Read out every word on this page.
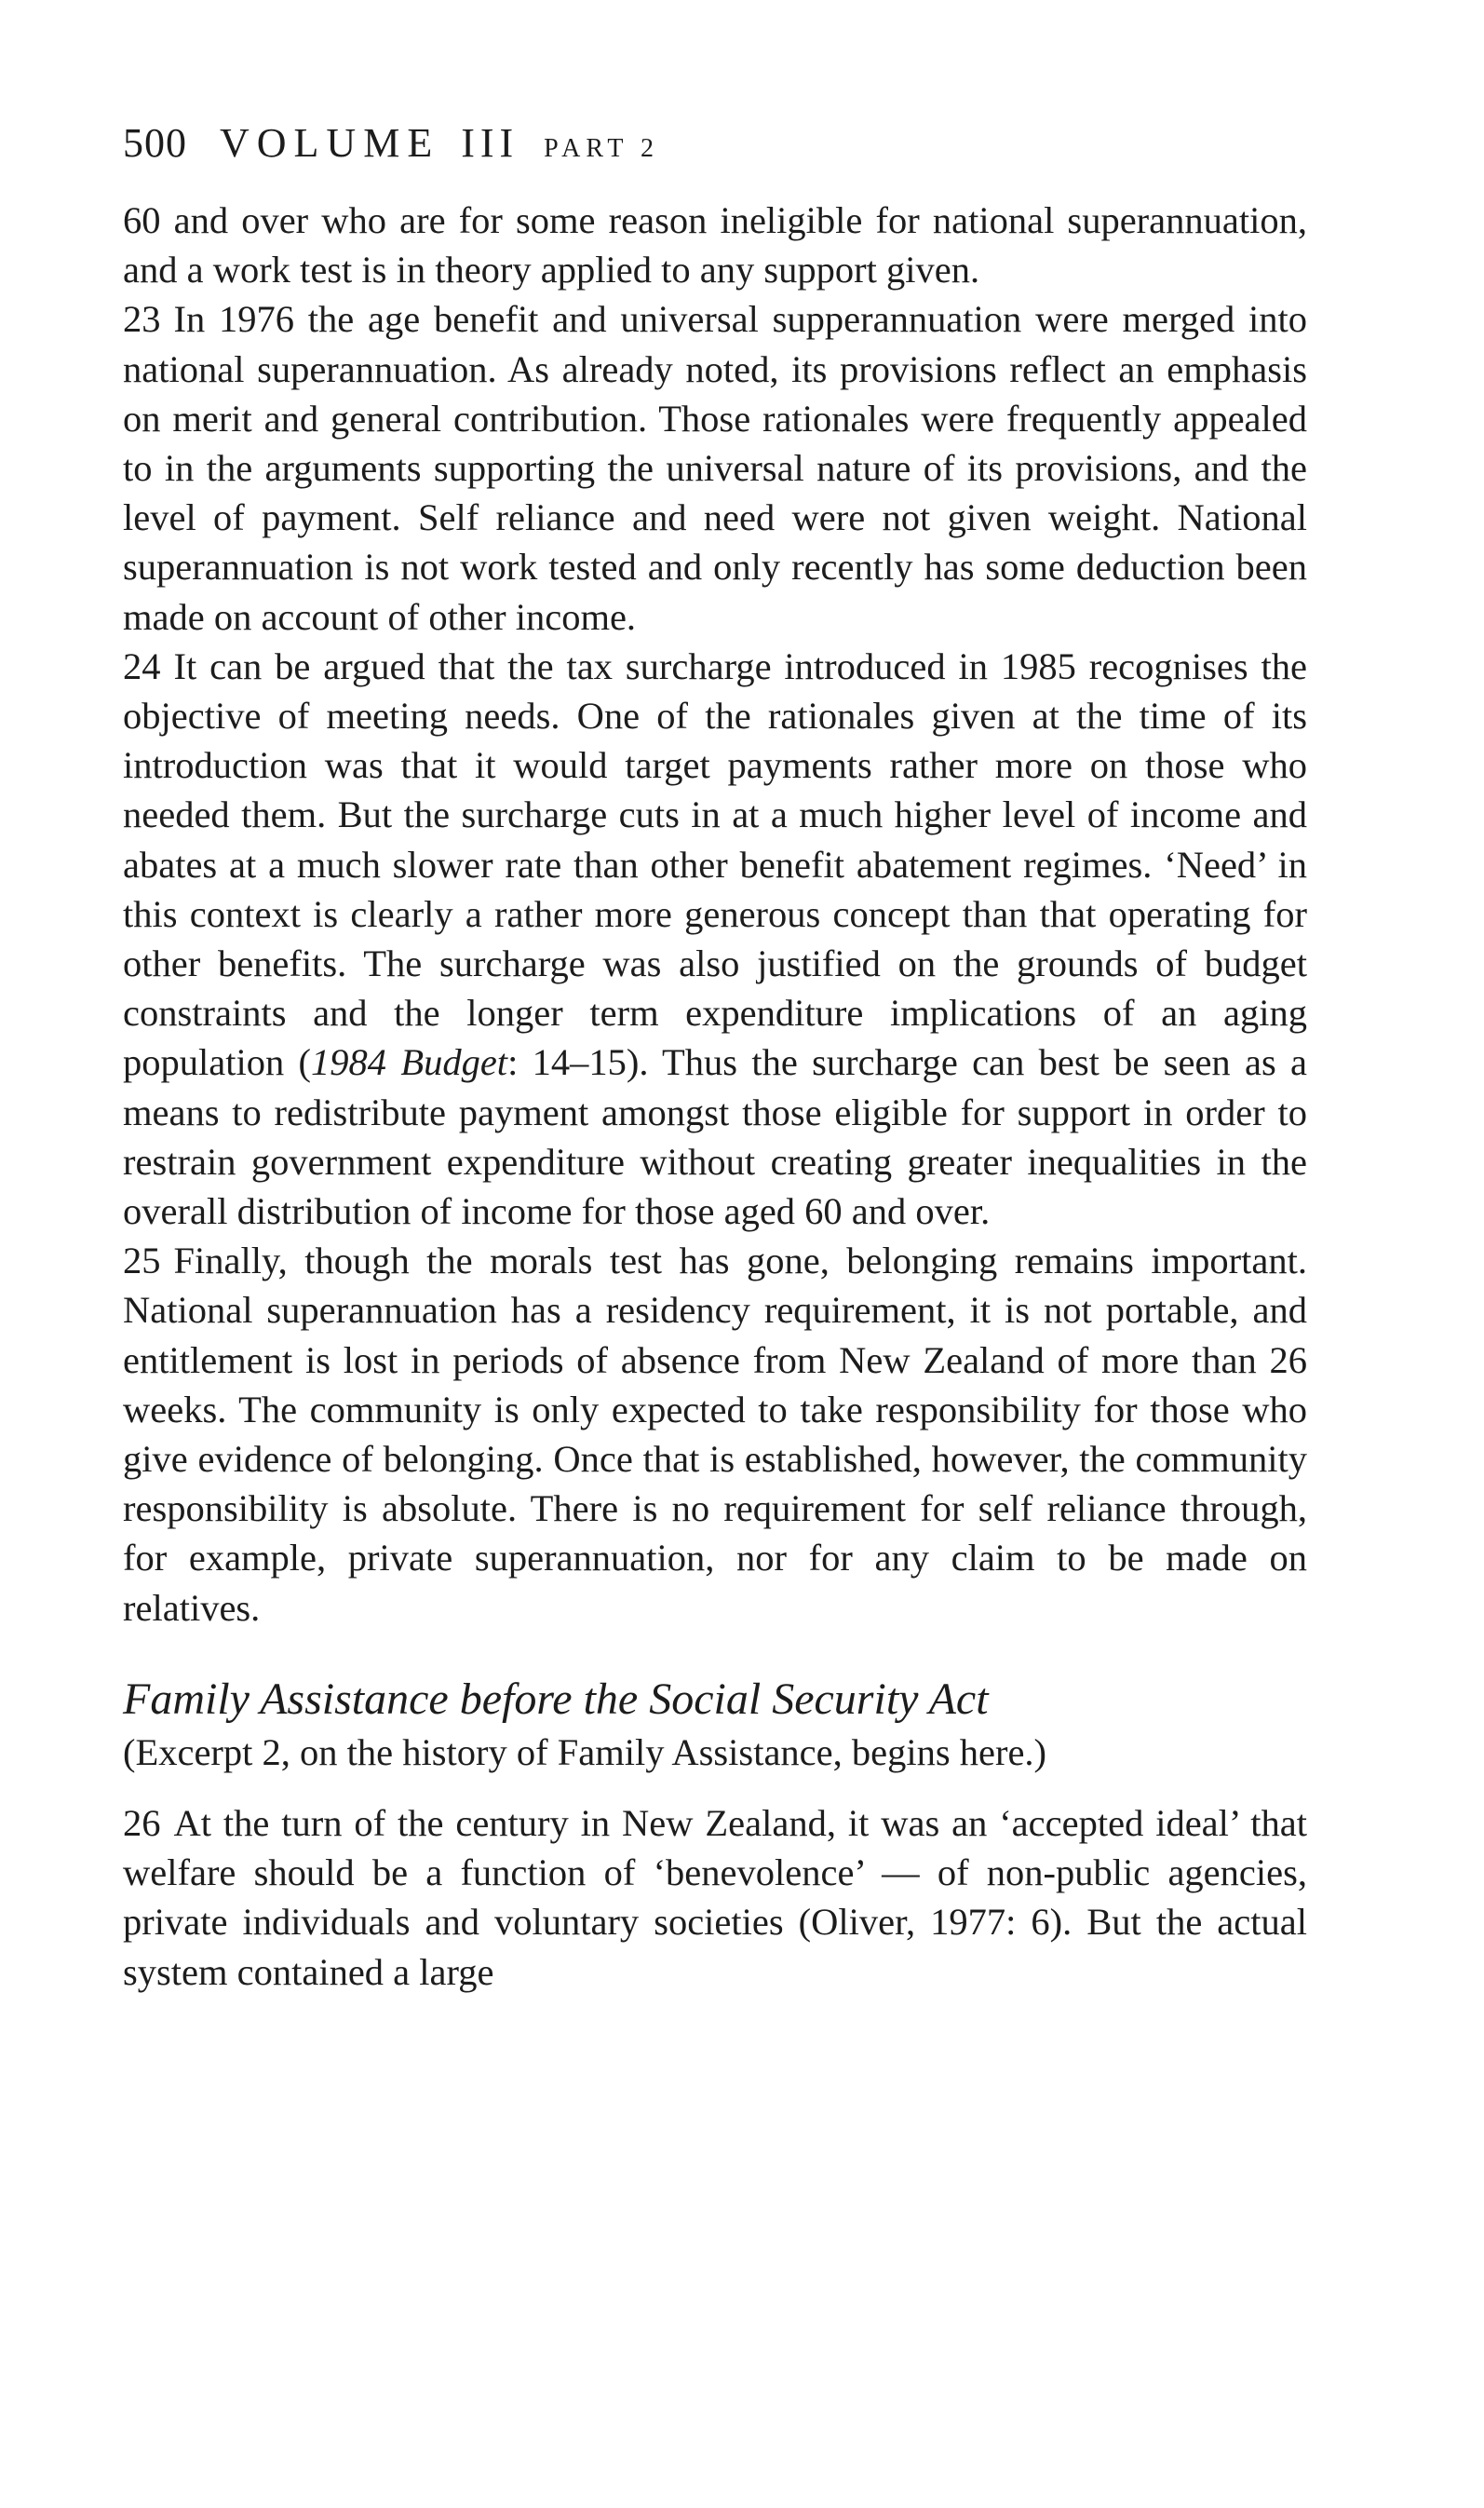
500 VOLUME III PART 2

60 and over who are for some reason ineligible for national superannuation, and a work test is in theory applied to any support given.

23 In 1976 the age benefit and universal supperannuation were merged into national superannuation. As already noted, its provisions reflect an emphasis on merit and general contribution. Those rationales were frequently appealed to in the arguments supporting the universal nature of its provisions, and the level of payment. Self reliance and need were not given weight. National superannuation is not work tested and only recently has some deduction been made on account of other income.

24 It can be argued that the tax surcharge introduced in 1985 recognises the objective of meeting needs. One of the rationales given at the time of its introduction was that it would target payments rather more on those who needed them. But the surcharge cuts in at a much higher level of income and abates at a much slower rate than other benefit abatement regimes. ‘Need’ in this context is clearly a rather more generous concept than that operating for other benefits. The surcharge was also justified on the grounds of budget constraints and the longer term expenditure implications of an aging population (1984 Budget: 14–15). Thus the surcharge can best be seen as a means to redistribute payment amongst those eligible for support in order to restrain government expenditure without creating greater inequalities in the overall distribution of income for those aged 60 and over.

25 Finally, though the morals test has gone, belonging remains important. National superannuation has a residency requirement, it is not portable, and entitlement is lost in periods of absence from New Zealand of more than 26 weeks. The community is only expected to take responsibility for those who give evidence of belonging. Once that is established, however, the community responsibility is absolute. There is no requirement for self reliance through, for example, private superannuation, nor for any claim to be made on relatives.

Family Assistance before the Social Security Act
(Excerpt 2, on the history of Family Assistance, begins here.)

26 At the turn of the century in New Zealand, it was an ‘accepted ideal’ that welfare should be a function of ‘benevolence’ — of non-public agencies, private individuals and voluntary societies (Oliver, 1977: 6). But the actual system contained a large
